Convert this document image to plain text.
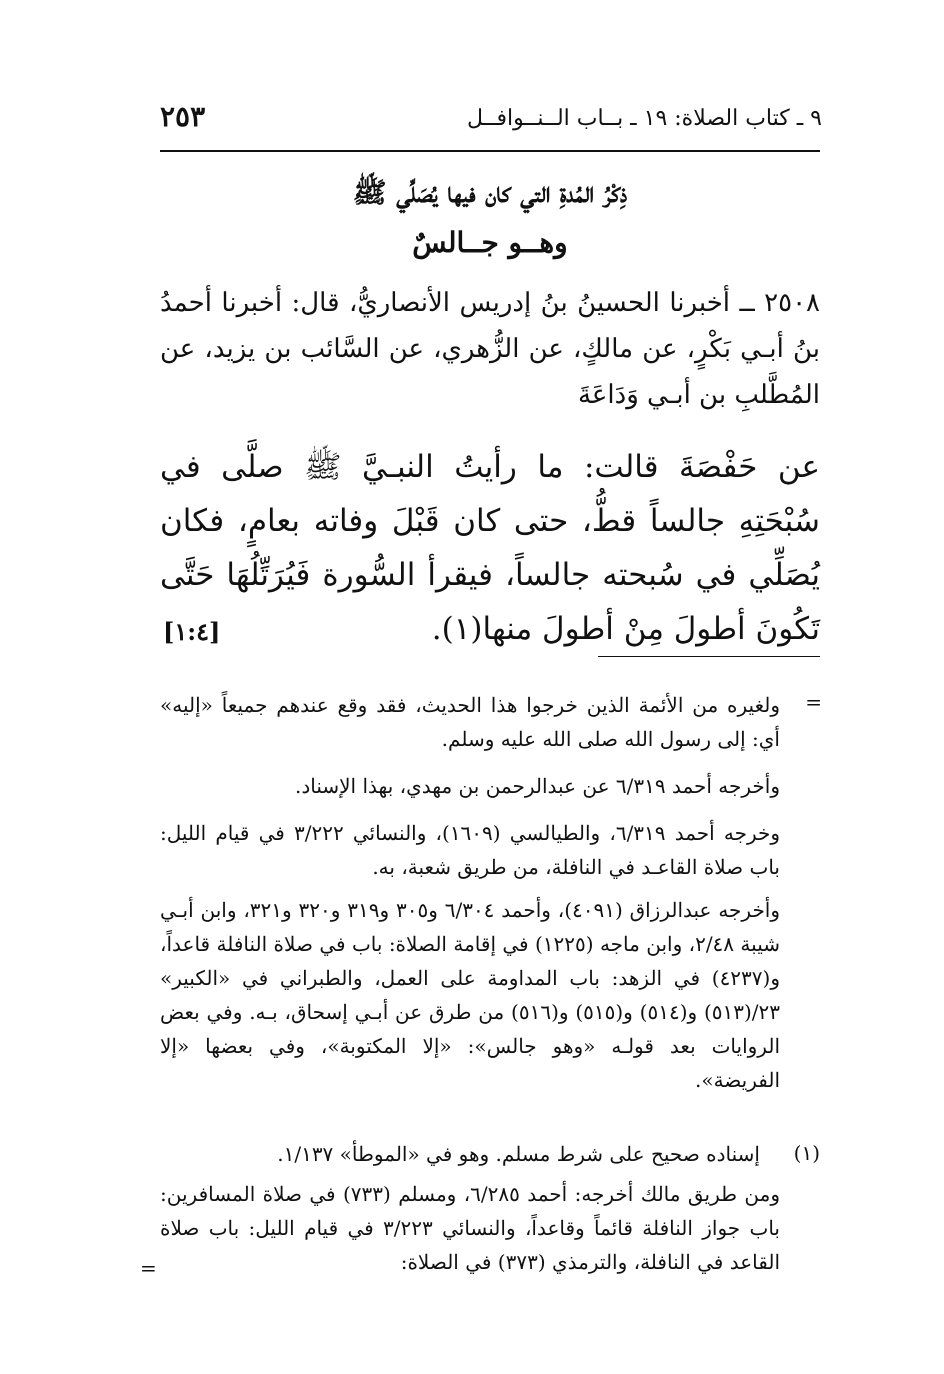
٩ ـ كتاب الصلاة: ١٩ ـ بــاب الــنــوافــل
٢٥٣
ذِكْرُ المُدةِ التي كان فيها يُصَلِّي ﷺ
وهــو جــالسٌ
٢٥٠٨ ــ أخبرنا الحسينُ بنُ إدريس الأنصاريُّ، قال: أخبرنا أحمدُ بنُ أبـي بَكْرٍ، عن مالكٍ، عن الزُّهري، عن السَّائب بن يزيد، عن المُطَّلبِ بن أبـي وَدَاعَةَ
عن حَفْصَةَ قالت: ما رأيتُ النبـيَّ ﷺ صلَّى في سُبْحَتِهِ جالساً قطُّ، حتى كان قَبْلَ وفاته بعامٍ، فكان يُصَلِّي في سُبحته جالساً، فيقرأ السُّورة فَيُرَتِّلُهَا حَتَّى تَكُونَ أطولَ مِنْ أطولَ منها(١).
[١:٤]
=
ولغيره من الأئمة الذين خرجوا هذا الحديث، فقد وقع عندهم جميعاً «إليه» أي: إلى رسول الله صلى الله عليه وسلم.
وأخرجه أحمد ٦/٣١٩ عن عبدالرحمن بن مهدي، بهذا الإسناد.
وخرجه أحمد ٦/٣١٩، والطيالسي (١٦٠٩)، والنسائي ٣/٢٢٢ في قيام الليل: باب صلاة القاعـد في النافلة، من طريق شعبة، به.
وأخرجه عبدالرزاق (٤٠٩١)، وأحمد ٦/٣٠٤ و٣٠٥ و٣١٩ و٣٢٠ و٣٢١، وابن أبـي شيبة ٢/٤٨، وابن ماجه (١٢٢٥) في إقامة الصلاة: باب في صلاة النافلة قاعداً، و(٤٢٣٧) في الزهد: باب المداومة على العمل، والطبراني في «الكبير» ٢٣/(٥١٣) و(٥١٤) و(٥١٥) و(٥١٦) من طرق عن أبـي إسحاق، بـه. وفي بعض الروايات بعد قولـه «وهو جالس»: «إلا المكتوبة»، وفي بعضها «إلا الفريضة».
(١)
إسناده صحيح على شرط مسلم. وهو في «الموطأ» ١/١٣٧.
ومن طريق مالك أخرجه: أحمد ٦/٢٨٥، ومسلم (٧٣٣) في صلاة المسافرين: باب جواز النافلة قائماً وقاعداً، والنسائي ٣/٢٢٣ في قيام الليل: باب صلاة القاعد في النافلة، والترمذي (٣٧٣) في الصلاة:
=
